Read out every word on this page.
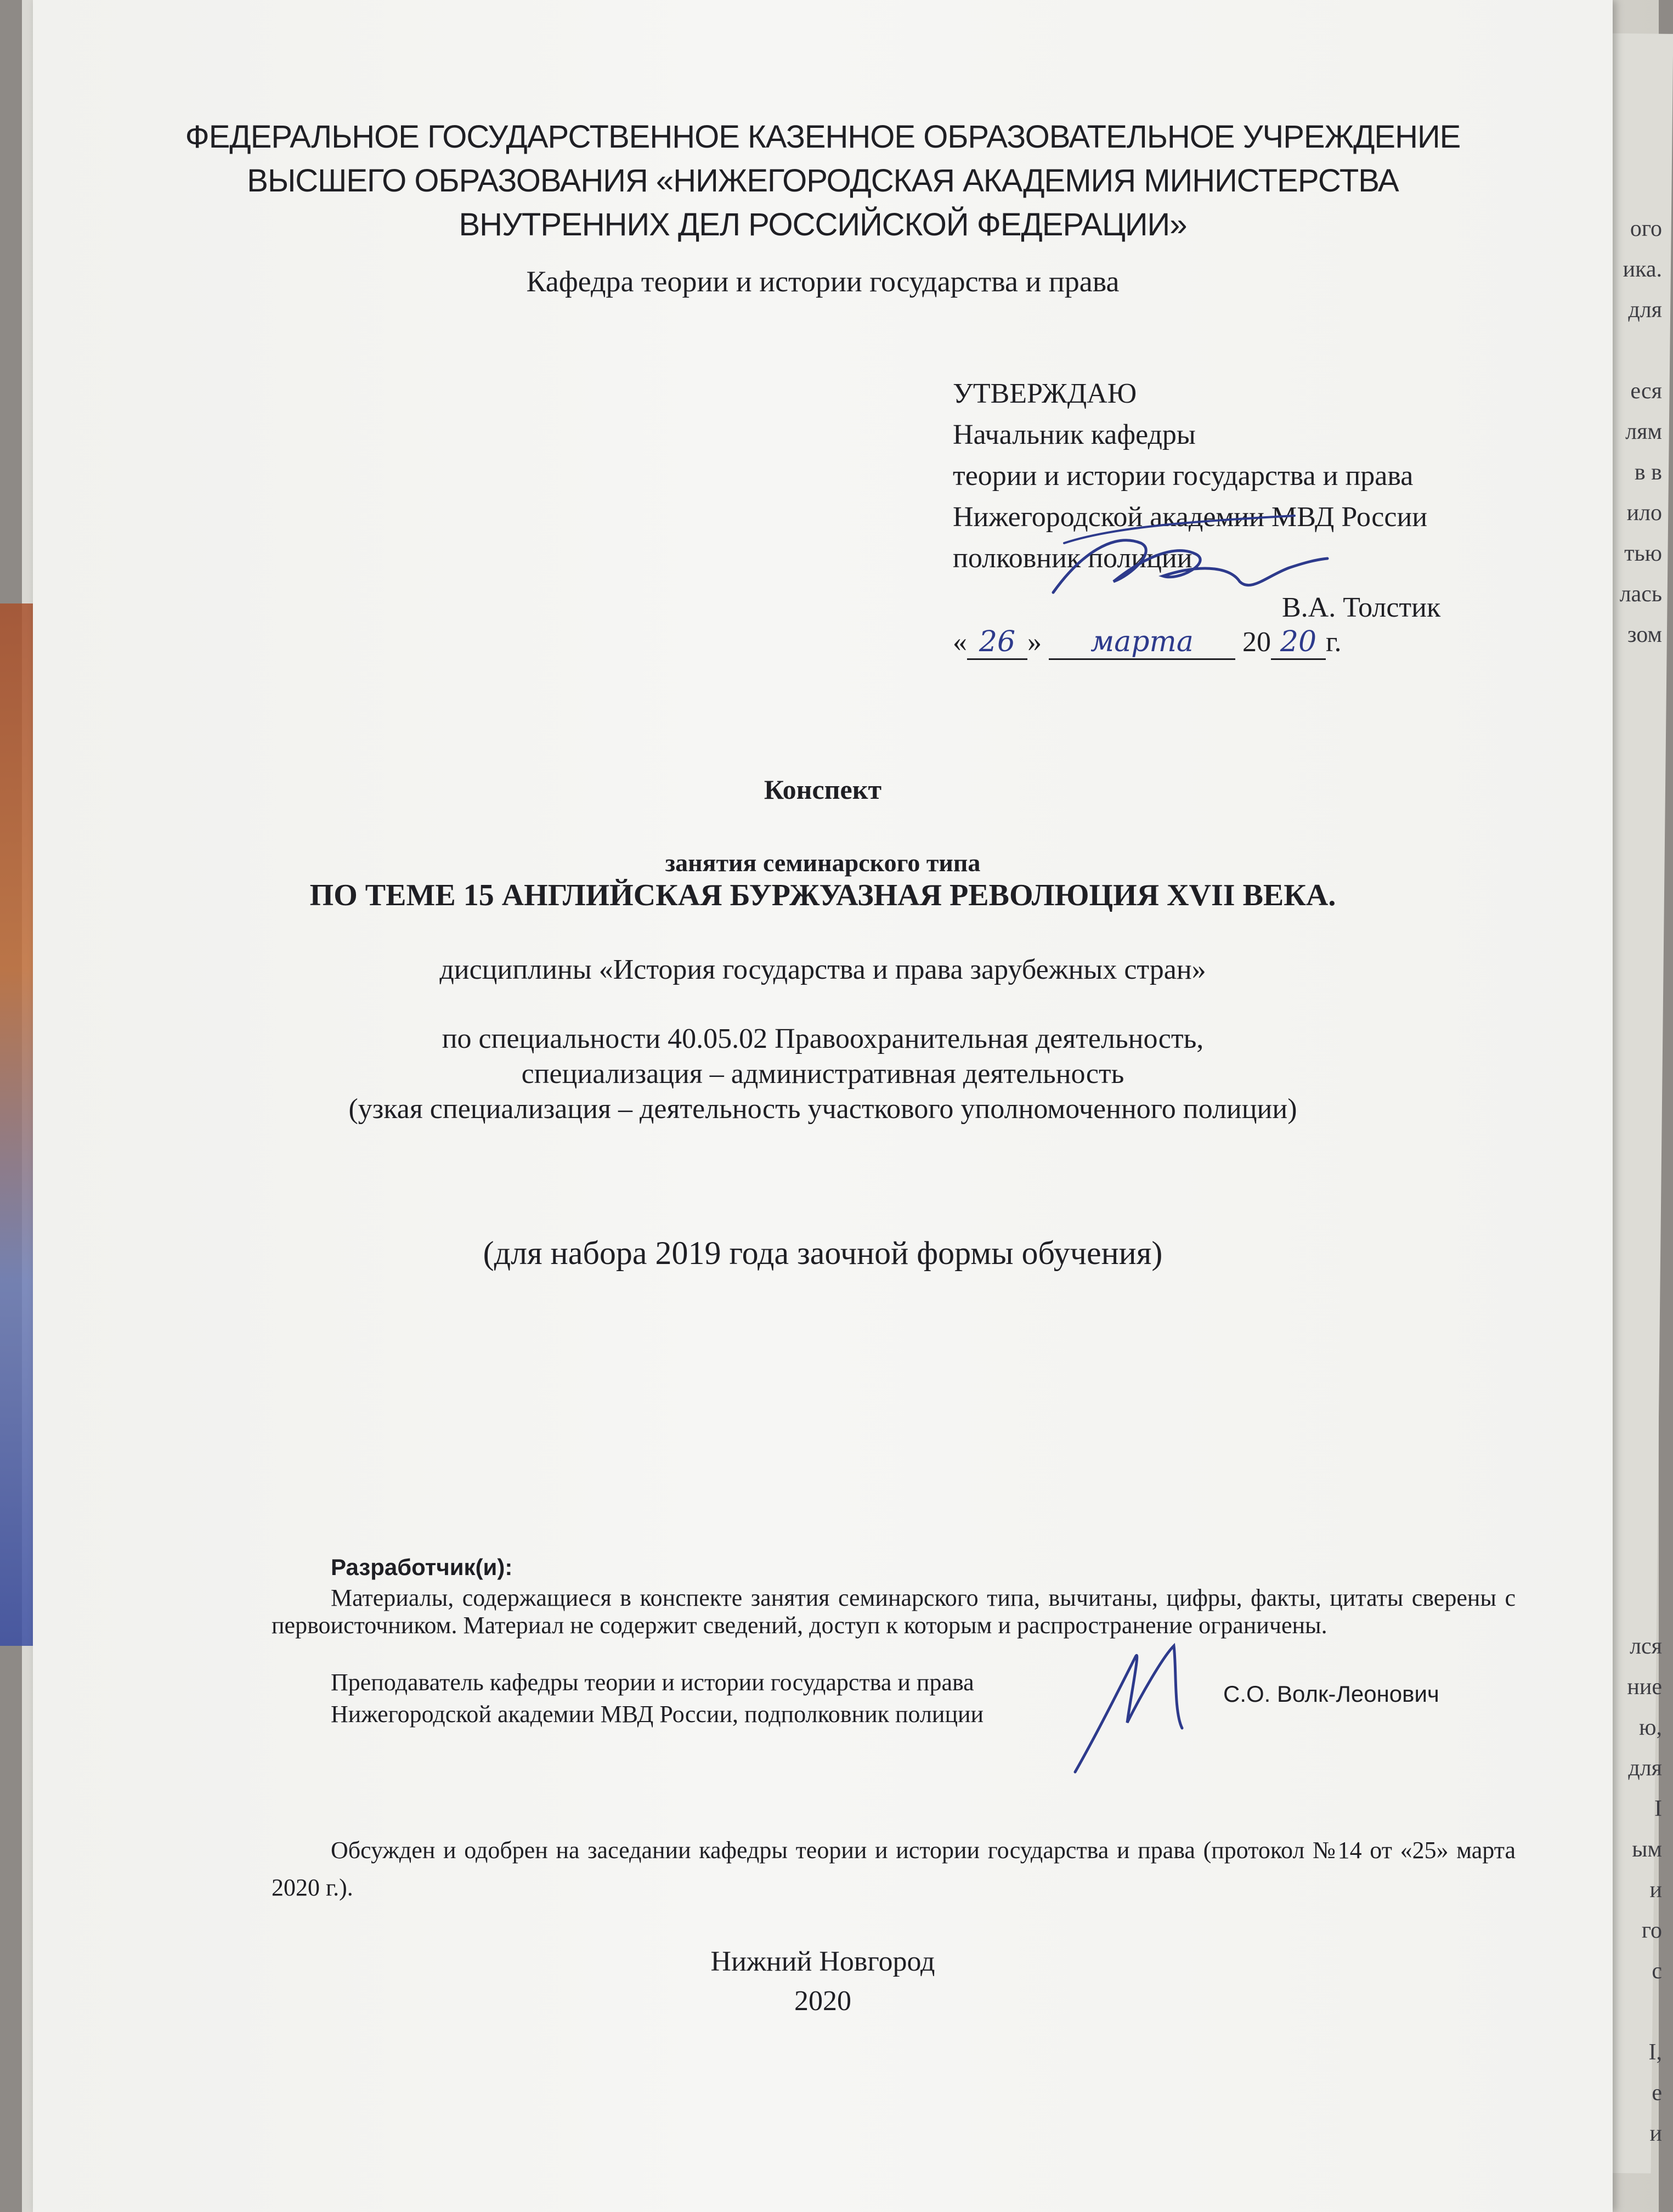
ого
ика.
для
еся
лям
в в
ило
тью
лась
зом
лся
ние
ю,
для
I
ым
и
го
с
I,
е
и
ФЕДЕРАЛЬНОЕ ГОСУДАРСТВЕННОЕ КАЗЕННОЕ ОБРАЗОВАТЕЛЬНОЕ УЧРЕЖДЕНИЕ
ВЫСШЕГО ОБРАЗОВАНИЯ «НИЖЕГОРОДСКАЯ АКАДЕМИЯ МИНИСТЕРСТВА
ВНУТРЕННИХ ДЕЛ РОССИЙСКОЙ ФЕДЕРАЦИИ»
Кафедра теории и истории государства и права
УТВЕРЖДАЮ
Начальник кафедры
теории и истории государства и права
Нижегородской академии МВД России
полковник полиции
В.А. Толстик
« 26 » марта 20 20 г.
Конспект
занятия семинарского типа
ПО ТЕМЕ 15 АНГЛИЙСКАЯ БУРЖУАЗНАЯ РЕВОЛЮЦИЯ XVII ВЕКА.
дисциплины «История государства и права зарубежных стран»
по специальности 40.05.02 Правоохранительная деятельность,
специализация – административная деятельность
(узкая специализация – деятельность участкового уполномоченного полиции)
(для набора 2019 года заочной формы обучения)
Разработчик(и):
Материалы, содержащиеся в конспекте занятия семинарского типа, вычитаны, цифры, факты, цитаты сверены с первоисточником. Материал не содержит сведений, доступ к которым и распространение ограничены.
Преподаватель кафедры теории и истории государства и права
Нижегородской академии МВД России, подполковник полиции
С.О. Волк-Леонович
Обсужден и одобрен на заседании кафедры теории и истории государства и права (протокол №14 от «25» марта 2020 г.).
Нижний Новгород
2020
